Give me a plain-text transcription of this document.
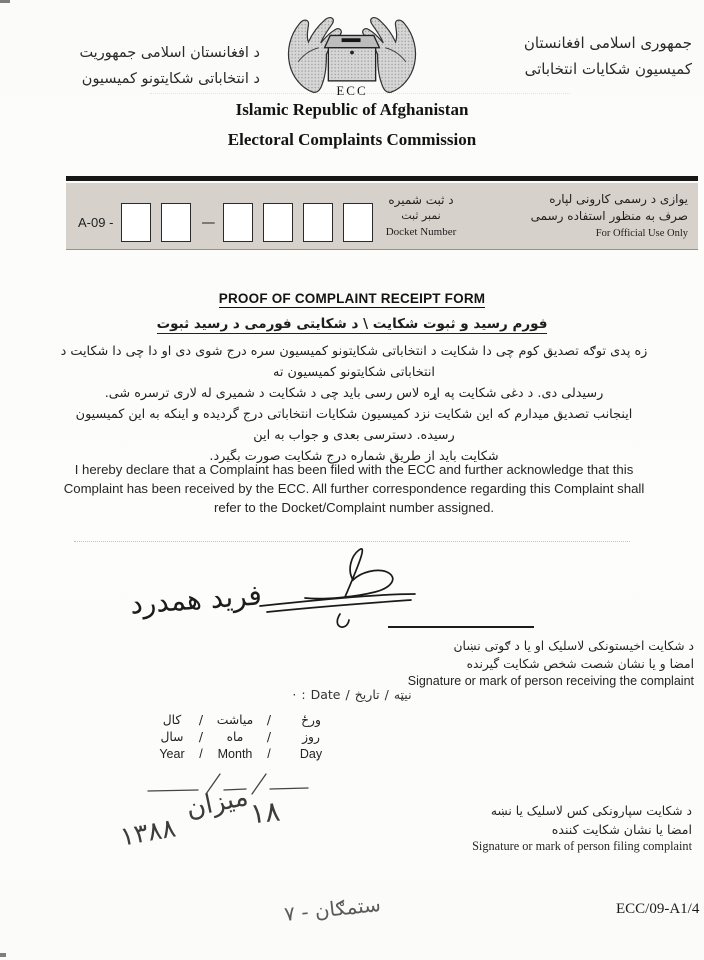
د افغانستان اسلامی جمهوریت
د انتخاباتی شکایتونو کمیسیون
جمهوری اسلامی افغانستان
کمیسیون شکایات انتخاباتی
ECC
Islamic Republic of Afghanistan
Electoral Complaints Commission
A-09 -	—
د ثبت شمیره
نمبر ثبت
Docket Number
یوازی د رسمی کارونی لپاره
صرف به منظور استفاده رسمی
For Official Use Only
PROOF OF COMPLAINT RECEIPT FORM
فورم رسید و ثبوت شکایت \ د شکایتی فورمی د رسید ثبوت
زه پدی توګه تصدیق کوم چی دا شکایت د انتخاباتی شکایتونو کمیسیون سره درج شوی دی او دا چی دا شکایت د انتخاباتی شکایتونو کمیسیون ته
رسیدلی دی. د دغی شکایت په اړه لاس رسی باید چی د شکایت د شمیری له لاری ترسره شی.
اینجانب تصدیق میدارم که این شکایت نزد کمیسیون شکایات انتخاباتی درج گردیده و اینکه به این کمیسیون رسیده. دسترسی بعدی و جواب به این
شکایت باید از طریق شماره درج شکایت صورت بگیرد.
I hereby declare that a Complaint has been filed with the ECC and further acknowledge that this Complaint has been received by the ECC. All further correspondence regarding this Complaint shall refer to the Docket/Complaint number assigned.
فرید همدرد
د شکایت اخیستونکی لاسلیک او یا د ګوتی نښان
امضا و یا نشان شصت شخص شکایت گیرنده
Signature or mark of person receiving the complaint
· : Date / تاریخ / نیټه
کال	/	میاشت	/	ورځ
سال	/	ماه	/	روز
Year	/	Month	/	Day
۱۸
میزان
۱۳۸۸
د شکایت سپارونکی کس لاسلیک یا نښه
امضا یا نشان شکایت کننده
Signature or mark of person filing complaint
ستمګان - ۷	ECC/09-A1/4
